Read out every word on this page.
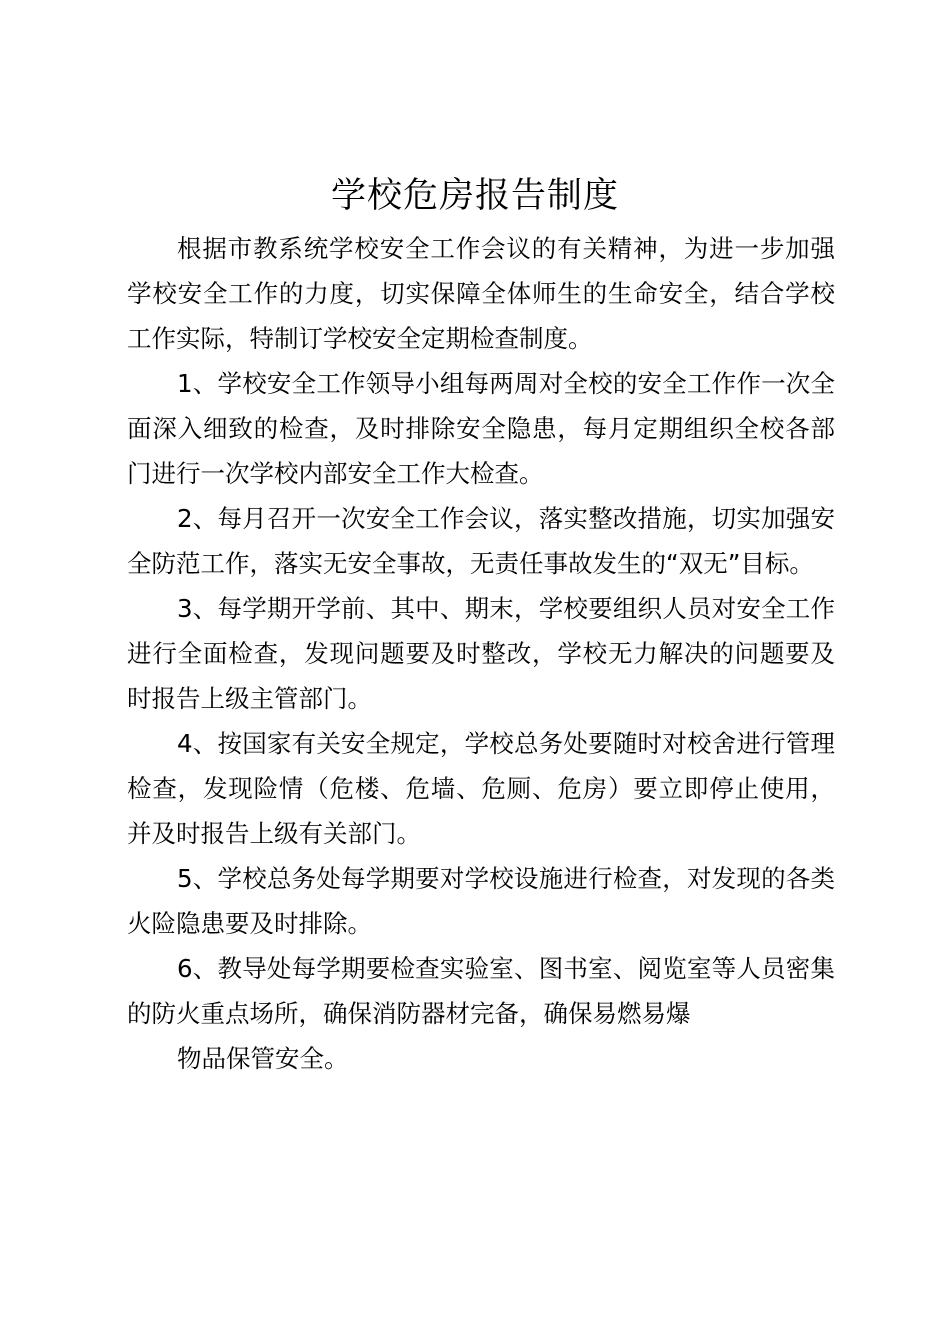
学校危房报告制度

根据市教系统学校安全工作会议的有关精神，为进一步加强学校安全工作的力度，切实保障全体师生的生命安全，结合学校工作实际，特制订学校安全定期检查制度。

1、学校安全工作领导小组每两周对全校的安全工作作一次全面深入细致的检查，及时排除安全隐患，每月定期组织全校各部门进行一次学校内部安全工作大检查。

2、每月召开一次安全工作会议，落实整改措施，切实加强安全防范工作，落实无安全事故，无责任事故发生的“双无”目标。

3、每学期开学前、其中、期末，学校要组织人员对安全工作进行全面检查，发现问题要及时整改，学校无力解决的问题要及时报告上级主管部门。

4、按国家有关安全规定，学校总务处要随时对校舍进行管理检查，发现险情（危楼、危墙、危厕、危房）要立即停止使用，并及时报告上级有关部门。

5、学校总务处每学期要对学校设施进行检查，对发现的各类火险隐患要及时排除。

6、教导处每学期要检查实验室、图书室、阅览室等人员密集的防火重点场所，确保消防器材完备，确保易燃易爆

物品保管安全。
